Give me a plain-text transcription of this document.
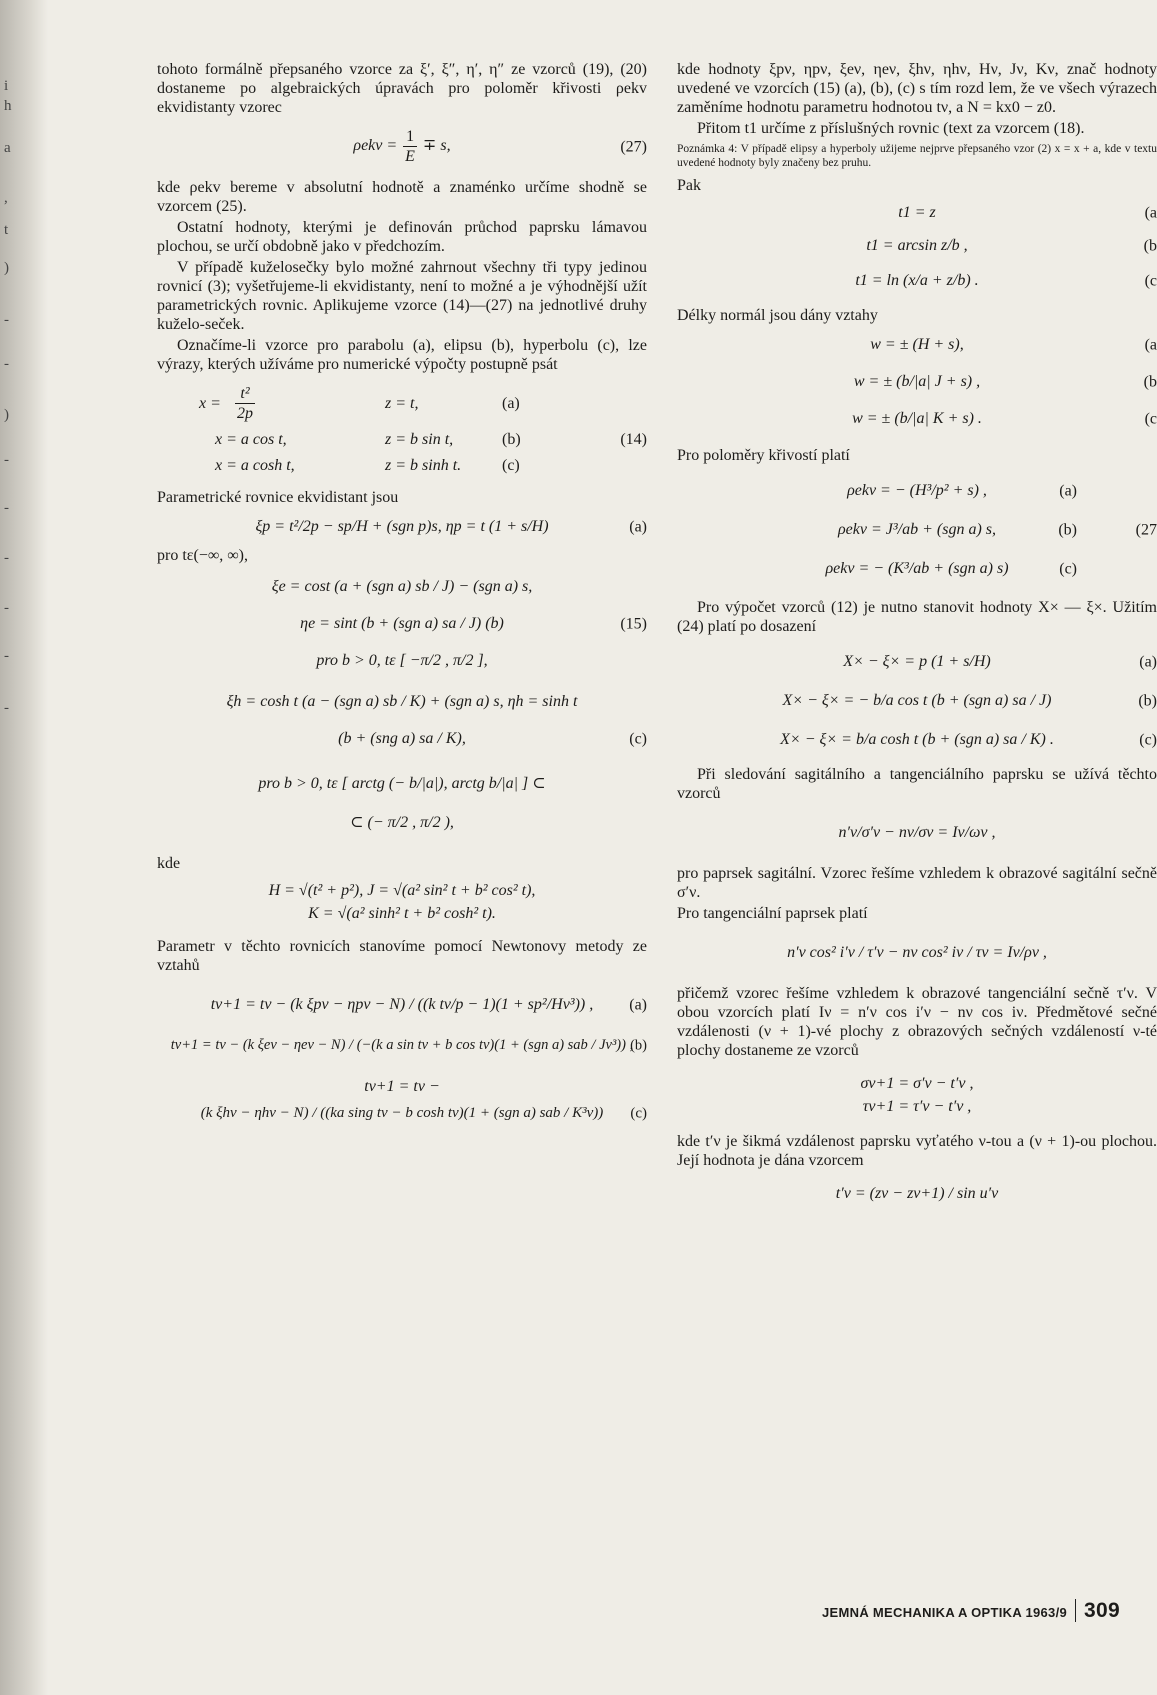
i
h
a
,
t
)
-
-
)
-
-
-
-
-
-

tohoto formálně přepsaného vzorce za ξ′, ξ″, η′, η″ ze vzorců (19), (20) dostaneme po algebraických úpravách pro poloměr křivosti ρekv ekvidistanty vzorec

$\rho ekv = \frac{1}{E} \mp s$,	(27)

kde ρekv bereme v absolutní hodnotě a znaménko určíme shodně se vzorcem (25).

Ostatní hodnoty, kterými je definován průchod paprsku lámavou plochou, se určí obdobně jako v předchozím.

V případě kuželosečky bylo možné zahrnout všechny tři typy jedinou rovnicí (3); vyšetřujeme-li ekvidistanty, není to možné a je výhodnější užít parametrických rovnic. Aplikujeme vzorce (14)—(27) na jednotlivé druhy kuželo-seček.

Označíme-li vzorce pro parabolu (a), elipsu (b), hyperbolu (c), lze výrazy, kterých užíváme pro numerické výpočty postupně psát

$x = \frac{\text{t²}}{2p}$	z = t,	(a)
x = a cos t,	z = b sin t,	(b)	(14)
x = a cosh t,	z = b sinh t.	(c)

Parametrické rovnice ekvidistant jsou

ξp = t²/2p − sp/H + (sgn p)s, ηp = t (1 + s/H)	(a)

pro tε(−∞, ∞),

ξe = cost (a + (sgn a) sb / J) − (sgn a) s,
ηe = sint (b + (sgn a) sa / J) (b)	(15)
pro b > 0, tε [ −π/2 , π/2 ],
ξh = cosh t (a − (sgn a) sb / K) + (sgn a) s, ηh = sinh t
(b + (sng a) sa / K),	(c)
pro b > 0, tε [ arctg (− b/|a|), arctg b/|a| ] ⊂
⊂ (− π/2 , π/2 ),

kde

H = √(t² + p²), J = √(a² sin² t + b² cos² t),
K = √(a² sinh² t + b² cosh² t).

Parametr v těchto rovnicích stanovíme pomocí Newtonovy metody ze vztahů

tν+1 = tν − (k ξpν − ηpν − N) / ((k tν/p − 1)(1 + sp²/Hν³)) , (a)
tν+1 = tν − (k ξeν − ηeν − N) / (−(k a sin tν + b cos tν)(1 + (sgn a) sab / Jν³)) ,
(b)
tν+1 = tν −
(k ξhν − ηhν − N) / ((ka sing tν − b cosh tν)(1 + (sgn a) sab / K³ν)) (c)

kde hodnoty ξpν, ηpν, ξeν, ηeν, ξhν, ηhν, Hν, Jν, Kν, znač hodnoty uvedené ve vzorcích (15) (a), (b), (c) s tím rozd lem, že ve všech výrazech zaměníme hodnotu parametru hodnotou tν, a N = kx0 − z0.

Přitom t1 určíme z příslušných rovnic (text za vzorcem (18).

Poznámka 4: V případě elipsy a hyperboly užijeme nejprve přepsaného vzor (2) x = x + a, kde v textu uvedené hodnoty byly značeny bez pruhu.

Pak

t1 = z	(a
t1 = arcsin z/b ,	(b
t1 = ln (x/a + z/b) .	(c

Délky normál jsou dány vztahy

w = ± (H + s),	(a
w = ± (b/|a| J + s) ,	(b
w = ± (b/|a| K + s) .	(c

Pro poloměry křivostí platí

ρekv = − (H³/p² + s) ,	(a)
ρekv = J³/ab + (sgn a) s,	(b)	(27
ρekv = − (K³/ab + (sgn a) s)	(c)

Pro výpočet vzorců (12) je nutno stanovit hodnoty X× — ξ×. Užitím (24) platí po dosazení

X× − ξ× = p (1 + s/H)	(a)
X× − ξ× = − b/a cos t (b + (sgn a) sa / J)	(b)
X× − ξ× = b/a cosh t (b + (sgn a) sa / K) .	(c)

Při sledování sagitálního a tangenciálního paprsku se užívá těchto vzorců

n′ν/σ′ν − nν/σν = Iν/ων ,

pro paprsek sagitální. Vzorec řešíme vzhledem k obrazové sagitální sečně σ′ν.

Pro tangenciální paprsek platí

n′ν cos² i′ν / τ′ν − nν cos² iν / τν = Iν/ρν ,

přičemž vzorec řešíme vzhledem k obrazové tangenciální sečně τ′ν. V obou vzorcích platí Iν = n′ν cos i′ν − nν cos iν. Předmětové sečné vzdálenosti (ν + 1)-vé plochy z obrazových sečných vzdáleností ν-té plochy dostaneme ze vzorců

σν+1 = σ′ν − t′ν ,
τν+1 = τ′ν − t′ν ,

kde t′ν je šikmá vzdálenost paprsku vyťatého ν-tou a (ν + 1)-ou plochou. Její hodnota je dána vzorcem

t′ν = (zν − zν+1) / sin u′ν
JEMNÁ MECHANIKA A OPTIKA 1963/9 309
